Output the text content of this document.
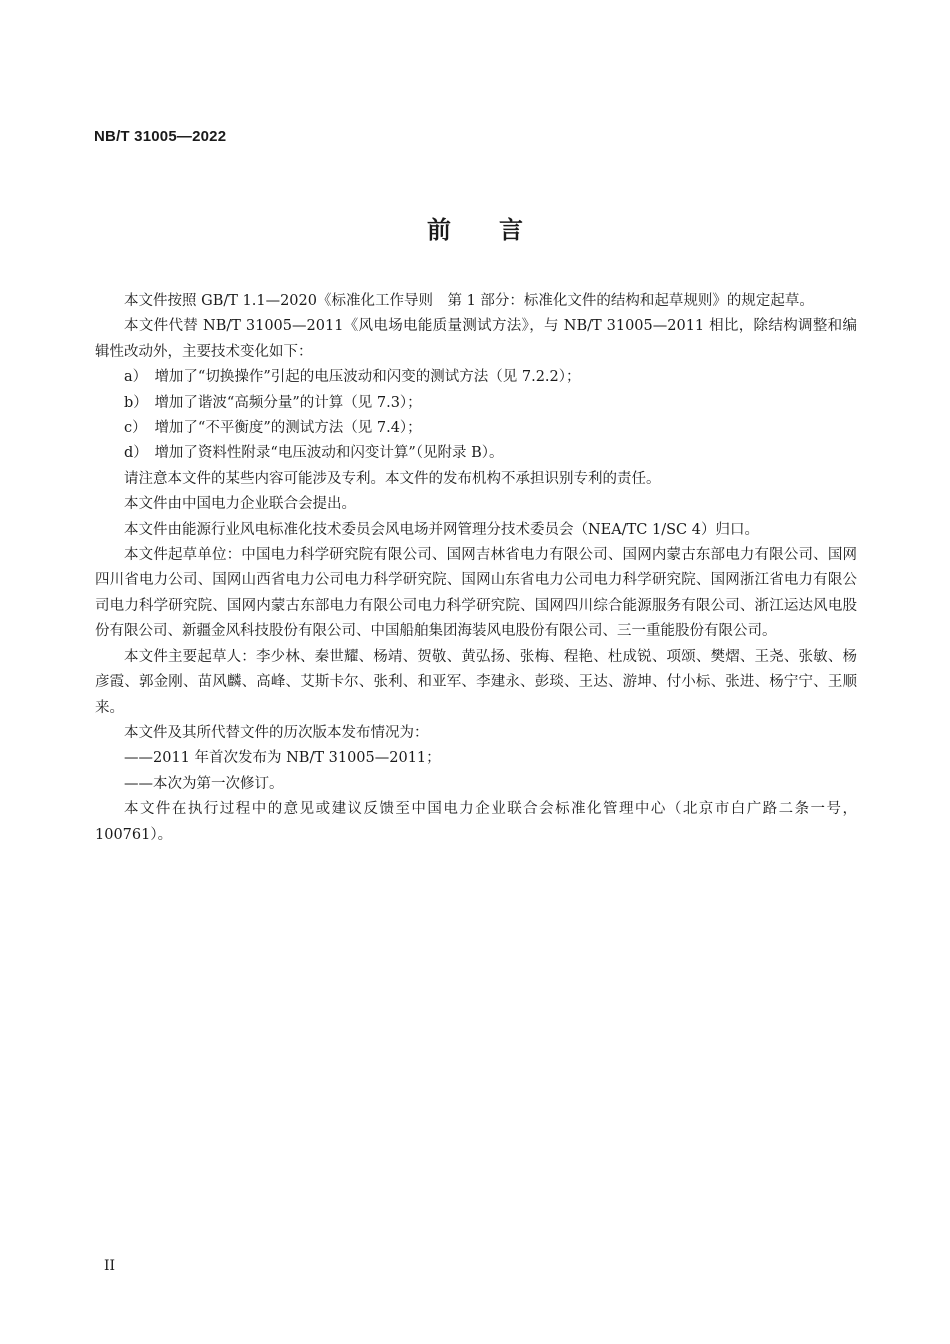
NB/T 31005—2022
前言

本文件按照 GB/T 1.1—2020《标准化工作导则　第 1 部分：标准化文件的结构和起草规则》的规定起草。

本文件代替 NB/T 31005—2011《风电场电能质量测试方法》，与 NB/T 31005—2011 相比，除结构调整和编辑性改动外，主要技术变化如下：

a） 增加了“切换操作”引起的电压波动和闪变的测试方法（见 7.2.2）；

b） 增加了谐波“高频分量”的计算（见 7.3）；

c） 增加了“不平衡度”的测试方法（见 7.4）；

d） 增加了资料性附录“电压波动和闪变计算”（见附录 B）。

请注意本文件的某些内容可能涉及专利。本文件的发布机构不承担识别专利的责任。

本文件由中国电力企业联合会提出。

本文件由能源行业风电标准化技术委员会风电场并网管理分技术委员会（NEA/TC 1/SC 4）归口。

本文件起草单位：中国电力科学研究院有限公司、国网吉林省电力有限公司、国网内蒙古东部电力有限公司、国网四川省电力公司、国网山西省电力公司电力科学研究院、国网山东省电力公司电力科学研究院、国网浙江省电力有限公司电力科学研究院、国网内蒙古东部电力有限公司电力科学研究院、国网四川综合能源服务有限公司、浙江运达风电股份有限公司、新疆金风科技股份有限公司、中国船舶集团海装风电股份有限公司、三一重能股份有限公司。

本文件主要起草人：李少林、秦世耀、杨靖、贺敬、黄弘扬、张梅、程艳、杜成锐、项颂、樊熠、王尧、张敏、杨彦霞、郭金刚、苗风麟、高峰、艾斯卡尔、张利、和亚军、李建永、彭琰、王达、游坤、付小标、张进、杨宁宁、王顺来。

本文件及其所代替文件的历次版本发布情况为：

——2011 年首次发布为 NB/T 31005—2011；

——本次为第一次修订。

本文件在执行过程中的意见或建议反馈至中国电力企业联合会标准化管理中心（北京市白广路二条一号，100761）。

II
